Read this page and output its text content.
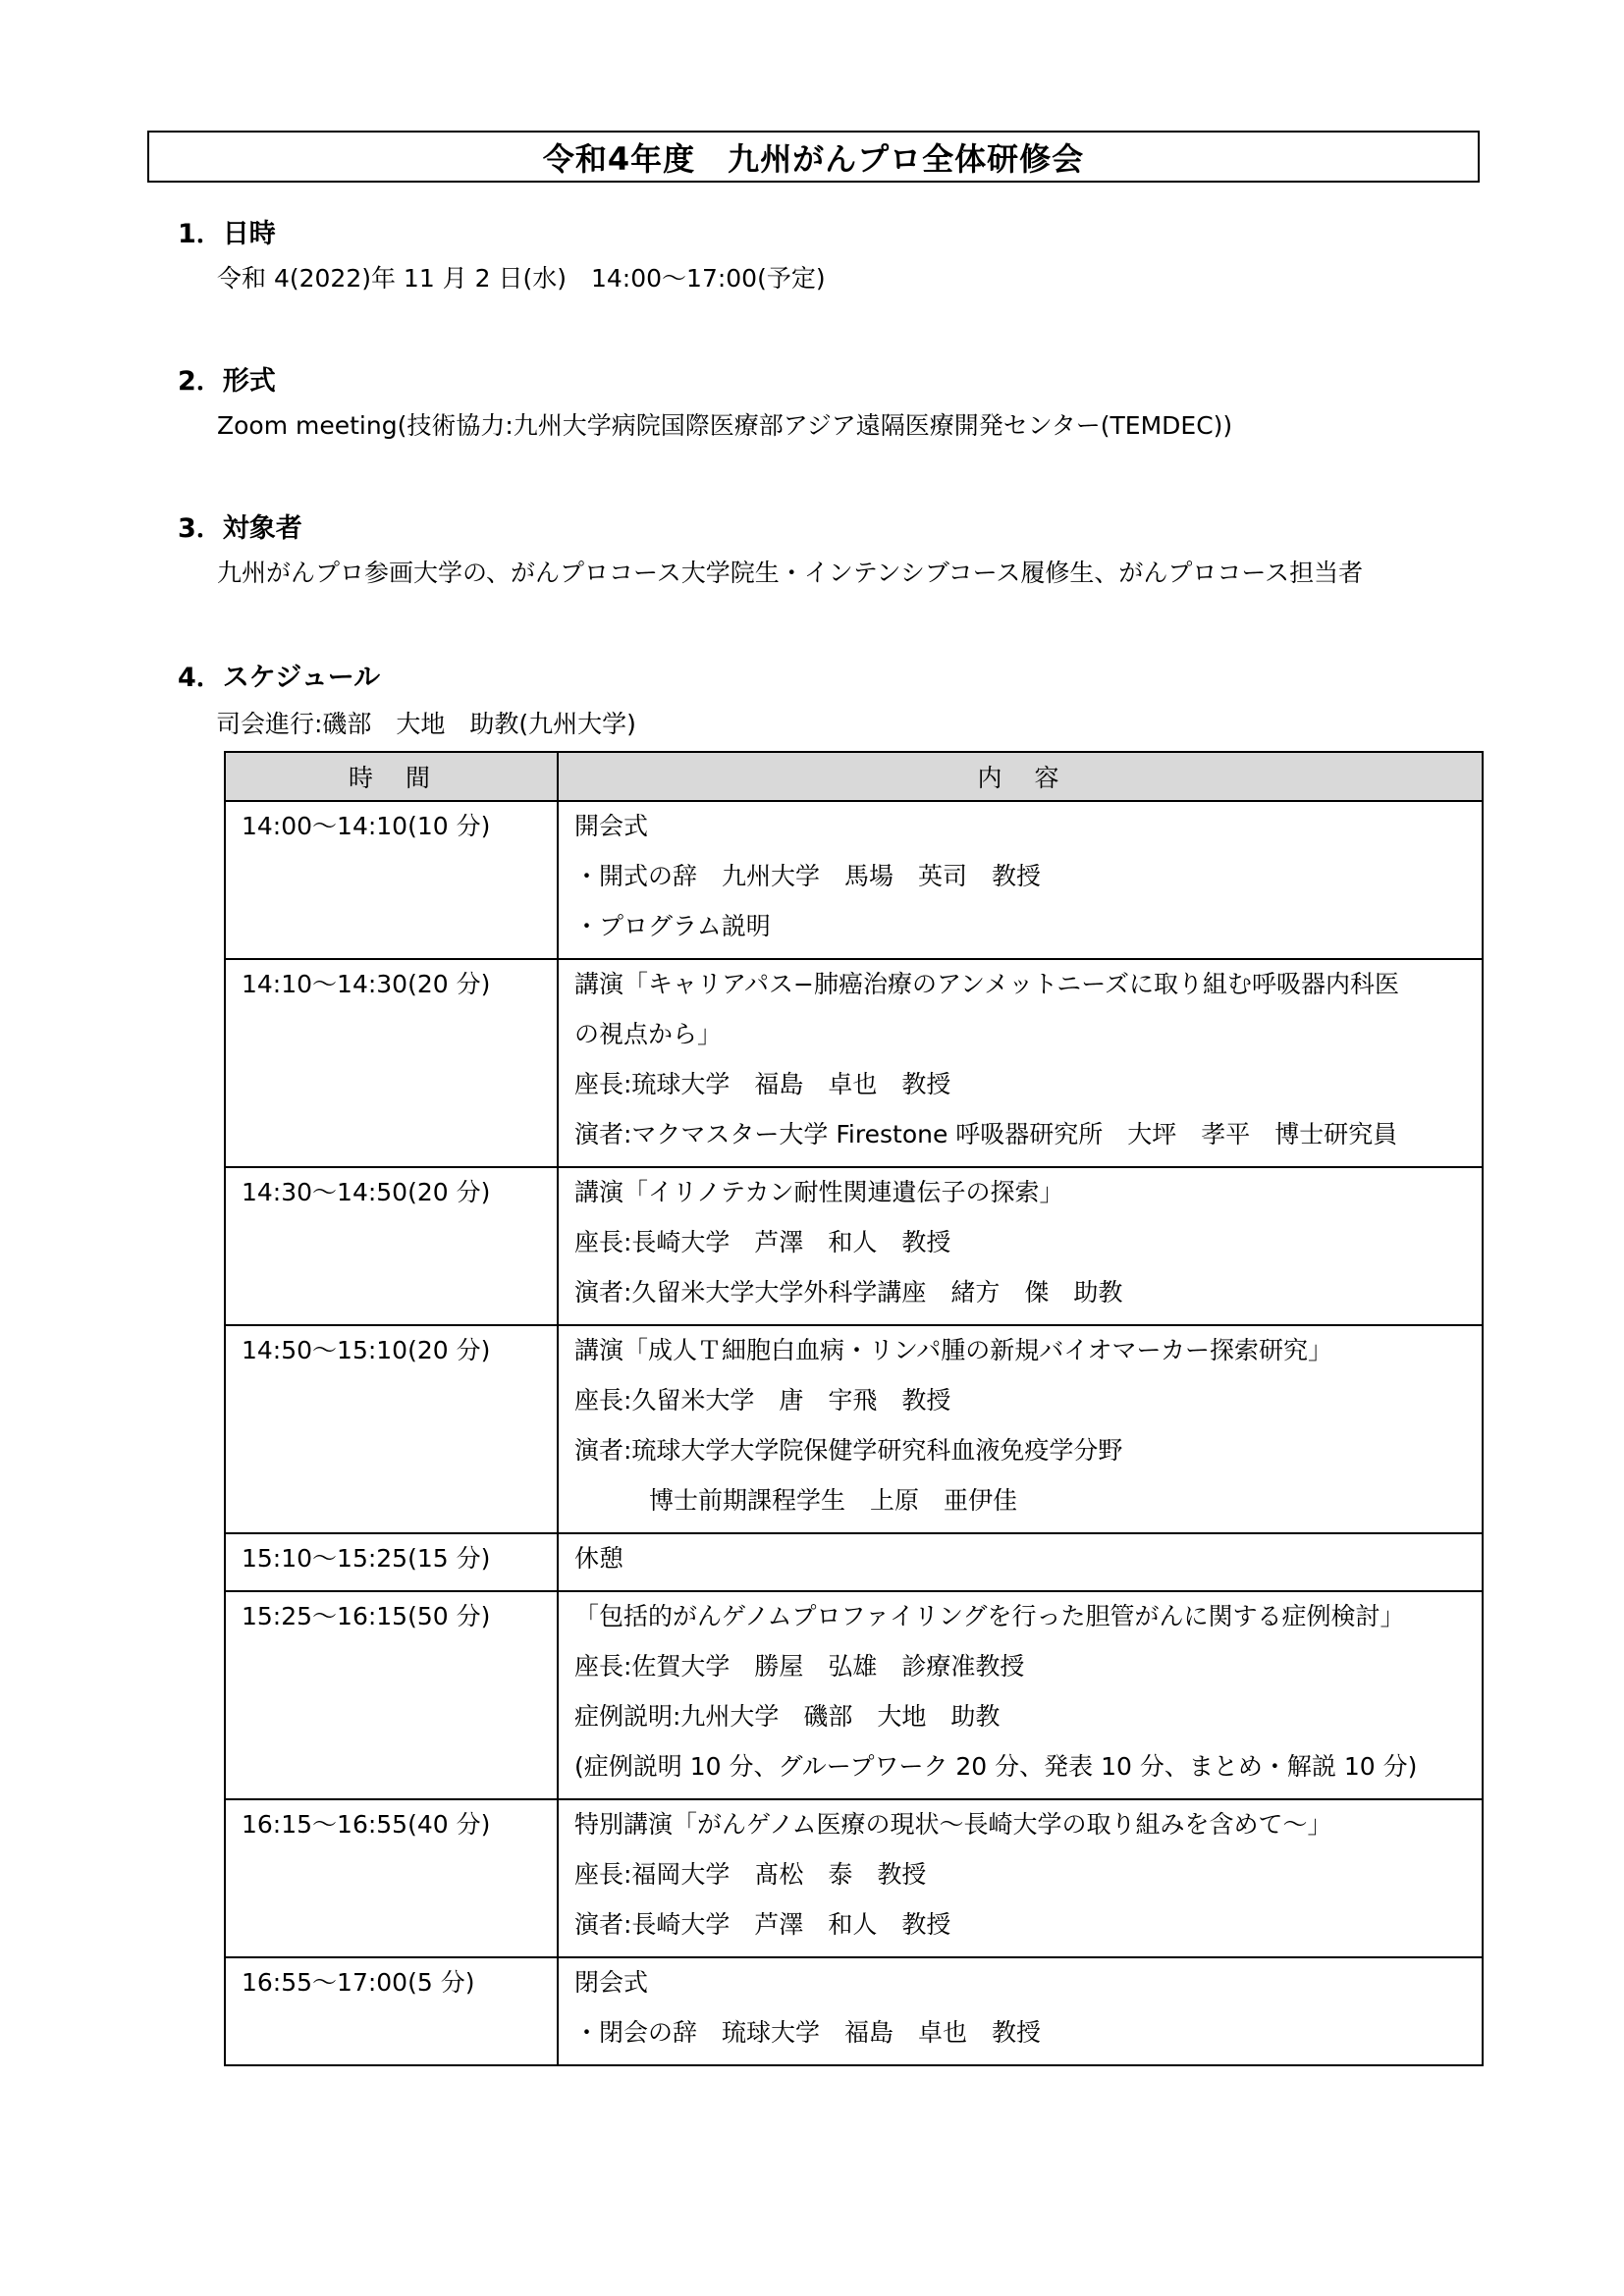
令和4年度　九州がんプロ全体研修会
1．日時
令和 4(2022)年 11 月 2 日(水)　14:00～17:00(予定)
2．形式
Zoom meeting(技術協力:九州大学病院国際医療部アジア遠隔医療開発センター(TEMDEC))
3．対象者
九州がんプロ参画大学の、がんプロコース大学院生・インテンシブコース履修生、がんプロコース担当者
4．スケジュール
司会進行:磯部　大地　助教(九州大学)
時　間	内　容

14:00～14:10(10 分)	開会式
・開式の辞　九州大学　馬場　英司　教授
・プログラム説明

14:10～14:30(20 分)	講演「キャリアパス−肺癌治療のアンメットニーズに取り組む呼吸器内科医
の視点から」
座長:琉球大学　福島　卓也　教授
演者:マクマスター大学 Firestone 呼吸器研究所　大坪　孝平　博士研究員

14:30～14:50(20 分)	講演「イリノテカン耐性関連遺伝子の探索」
座長:長崎大学　芦澤　和人　教授
演者:久留米大学大学外科学講座　緒方　傑　助教

14:50～15:10(20 分)	講演「成人Ｔ細胞白血病・リンパ腫の新規バイオマーカー探索研究」
座長:久留米大学　唐　宇飛　教授
演者:琉球大学大学院保健学研究科血液免疫学分野
博士前期課程学生　上原　亜伊佳

15:10～15:25(15 分)	休憩

15:25～16:15(50 分)	「包括的がんゲノムプロファイリングを行った胆管がんに関する症例検討」
座長:佐賀大学　勝屋　弘雄　診療准教授
症例説明:九州大学　磯部　大地　助教
(症例説明 10 分、グループワーク 20 分、発表 10 分、まとめ・解説 10 分)

16:15～16:55(40 分)	特別講演「がんゲノム医療の現状～長崎大学の取り組みを含めて～」
座長:福岡大学　髙松　泰　教授
演者:長崎大学　芦澤　和人　教授

16:55～17:00(5 分)	閉会式
・閉会の辞　琉球大学　福島　卓也　教授
